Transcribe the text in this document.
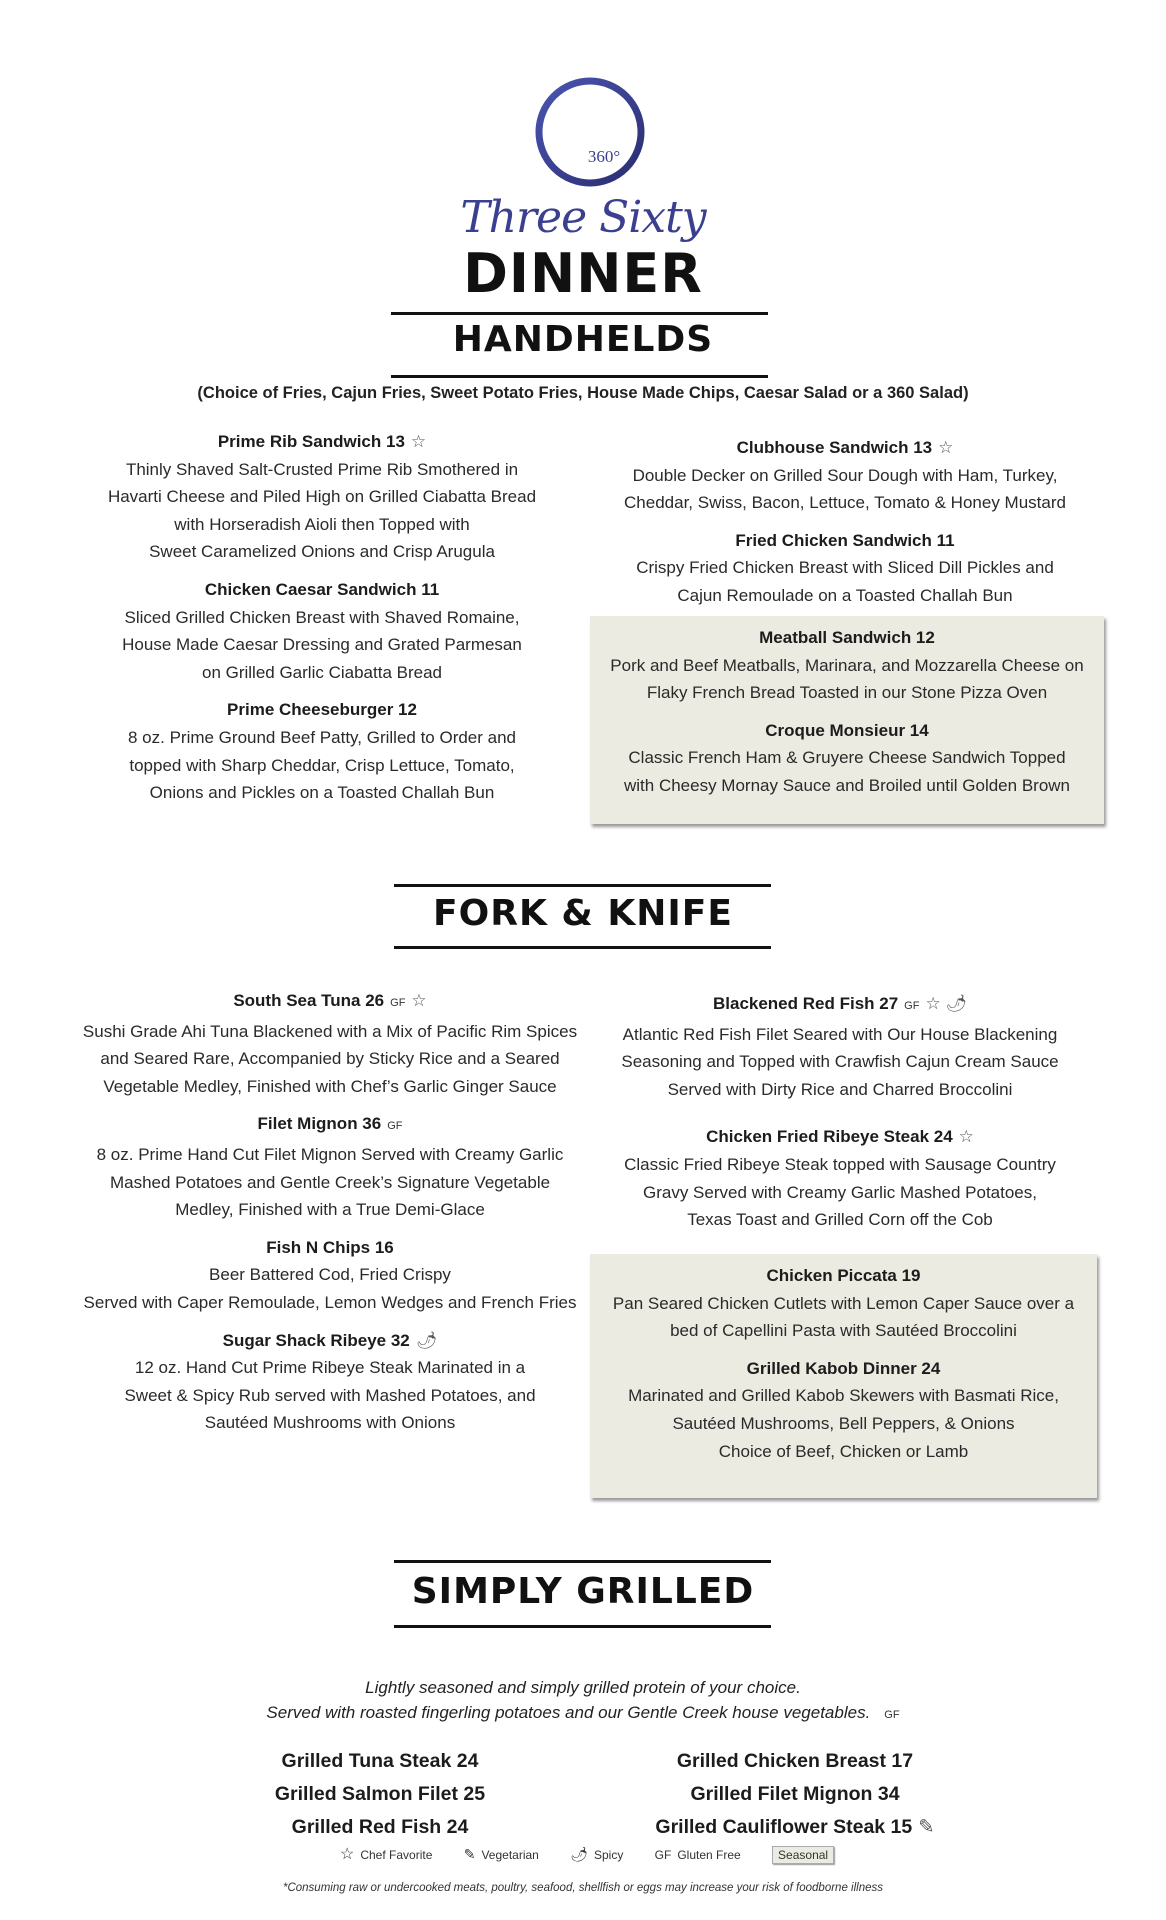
360°
Three Sixty
DINNER
HANDHELDS
(Choice of Fries, Cajun Fries, Sweet Potato Fries, House Made Chips, Caesar Salad or a 360 Salad)
Prime Rib Sandwich 13 ☆
Thinly Shaved Salt-Crusted Prime Rib Smothered in
Havarti Cheese and Piled High on Grilled Ciabatta Bread
with Horseradish Aioli then Topped with
Sweet Caramelized Onions and Crisp Arugula
Chicken Caesar Sandwich 11
Sliced Grilled Chicken Breast with Shaved Romaine,
House Made Caesar Dressing and Grated Parmesan
on Grilled Garlic Ciabatta Bread
Prime Cheeseburger 12
8 oz. Prime Ground Beef Patty, Grilled to Order and
topped with Sharp Cheddar, Crisp Lettuce, Tomato,
Onions and Pickles on a Toasted Challah Bun
Clubhouse Sandwich 13 ☆
Double Decker on Grilled Sour Dough with Ham, Turkey,
Cheddar, Swiss, Bacon, Lettuce, Tomato & Honey Mustard
Fried Chicken Sandwich 11
Crispy Fried Chicken Breast with Sliced Dill Pickles and
Cajun Remoulade on a Toasted Challah Bun
Meatball Sandwich 12
Pork and Beef Meatballs, Marinara, and Mozzarella Cheese on
Flaky French Bread Toasted in our Stone Pizza Oven
Croque Monsieur 14
Classic French Ham & Gruyere Cheese Sandwich Topped
with Cheesy Mornay Sauce and Broiled until Golden Brown
FORK & KNIFE
South Sea Tuna 26 GF ☆
Sushi Grade Ahi Tuna Blackened with a Mix of Pacific Rim Spices
and Seared Rare, Accompanied by Sticky Rice and a Seared
Vegetable Medley, Finished with Chef’s Garlic Ginger Sauce
Filet Mignon 36 GF
8 oz. Prime Hand Cut Filet Mignon Served with Creamy Garlic
Mashed Potatoes and Gentle Creek’s Signature Vegetable
Medley, Finished with a True Demi-Glace
Fish N Chips 16
Beer Battered Cod, Fried Crispy
Served with Caper Remoulade, Lemon Wedges and French Fries
Sugar Shack Ribeye 32 🌶
12 oz. Hand Cut Prime Ribeye Steak Marinated in a
Sweet & Spicy Rub served with Mashed Potatoes, and
Sautéed Mushrooms with Onions
Blackened Red Fish 27 GF ☆ 🌶
Atlantic Red Fish Filet Seared with Our House Blackening
Seasoning and Topped with Crawfish Cajun Cream Sauce
Served with Dirty Rice and Charred Broccolini
Chicken Fried Ribeye Steak 24 ☆
Classic Fried Ribeye Steak topped with Sausage Country
Gravy Served with Creamy Garlic Mashed Potatoes,
Texas Toast and Grilled Corn off the Cob
Chicken Piccata 19
Pan Seared Chicken Cutlets with Lemon Caper Sauce over a
bed of Capellini Pasta with Sautéed Broccolini
Grilled Kabob Dinner 24
Marinated and Grilled Kabob Skewers with Basmati Rice,
Sautéed Mushrooms, Bell Peppers, & Onions
Choice of Beef, Chicken or Lamb
SIMPLY GRILLED
Lightly seasoned and simply grilled protein of your choice.
Served with roasted fingerling potatoes and our Gentle Creek house vegetables. GF
Grilled Tuna Steak 24
Grilled Salmon Filet 25
Grilled Red Fish 24
Grilled Chicken Breast 17
Grilled Filet Mignon 34
Grilled Cauliflower Steak 15 ✎
☆ Chef Favorite ✎ Vegetarian 🌶 Spicy	GF Gluten Free	Seasonal
*Consuming raw or undercooked meats, poultry, seafood, shellfish or eggs may increase your risk of foodborne illness
